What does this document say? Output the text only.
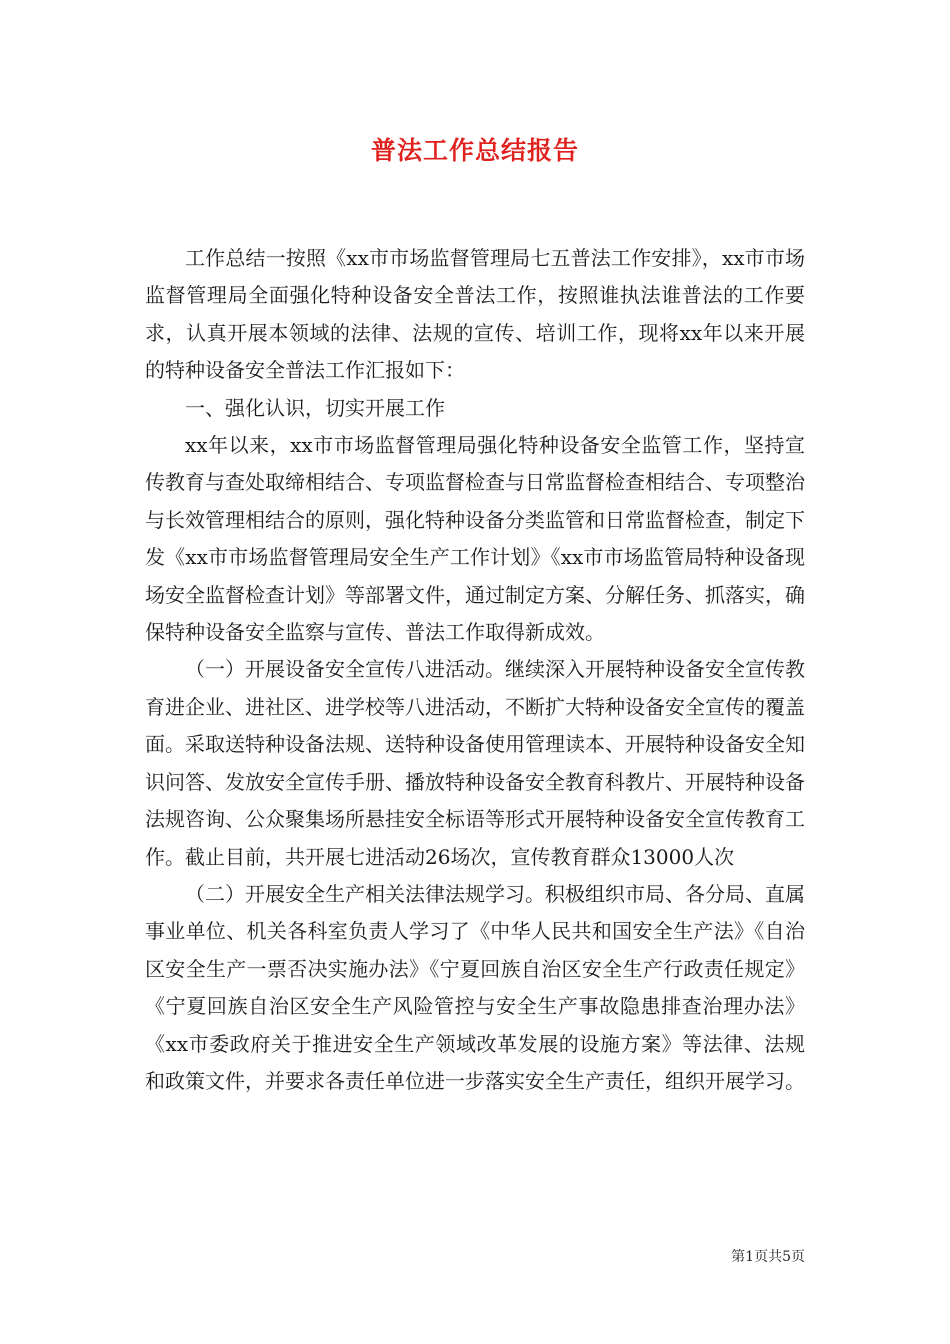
普法工作总结报告

工作总结一按照《xx市市场监督管理局七五普法工作安排》，xx市市场监督管理局全面强化特种设备安全普法工作，按照谁执法谁普法的工作要求，认真开展本领域的法律、法规的宣传、培训工作，现将xx年以来开展的特种设备安全普法工作汇报如下：

一、强化认识，切实开展工作

xx年以来，xx市市场监督管理局强化特种设备安全监管工作，坚持宣传教育与查处取缔相结合、专项监督检查与日常监督检查相结合、专项整治与长效管理相结合的原则，强化特种设备分类监管和日常监督检查，制定下发《xx市市场监督管理局安全生产工作计划》《xx市市场监管局特种设备现场安全监督检查计划》等部署文件，通过制定方案、分解任务、抓落实，确保特种设备安全监察与宣传、普法工作取得新成效。

（一）开展设备安全宣传八进活动。继续深入开展特种设备安全宣传教育进企业、进社区、进学校等八进活动，不断扩大特种设备安全宣传的覆盖面。采取送特种设备法规、送特种设备使用管理读本、开展特种设备安全知识问答、发放安全宣传手册、播放特种设备安全教育科教片、开展特种设备法规咨询、公众聚集场所悬挂安全标语等形式开展特种设备安全宣传教育工作。截止目前，共开展七进活动26场次，宣传教育群众13000人次

（二）开展安全生产相关法律法规学习。积极组织市局、各分局、直属事业单位、机关各科室负责人学习了《中华人民共和国安全生产法》《自治区安全生产一票否决实施办法》《宁夏回族自治区安全生产行政责任规定》《宁夏回族自治区安全生产风险管控与安全生产事故隐患排查治理办法》《xx市委政府关于推进安全生产领域改革发展的设施方案》等法律、法规和政策文件，并要求各责任单位进一步落实安全生产责任，组织开展学习。

第1页共5页
